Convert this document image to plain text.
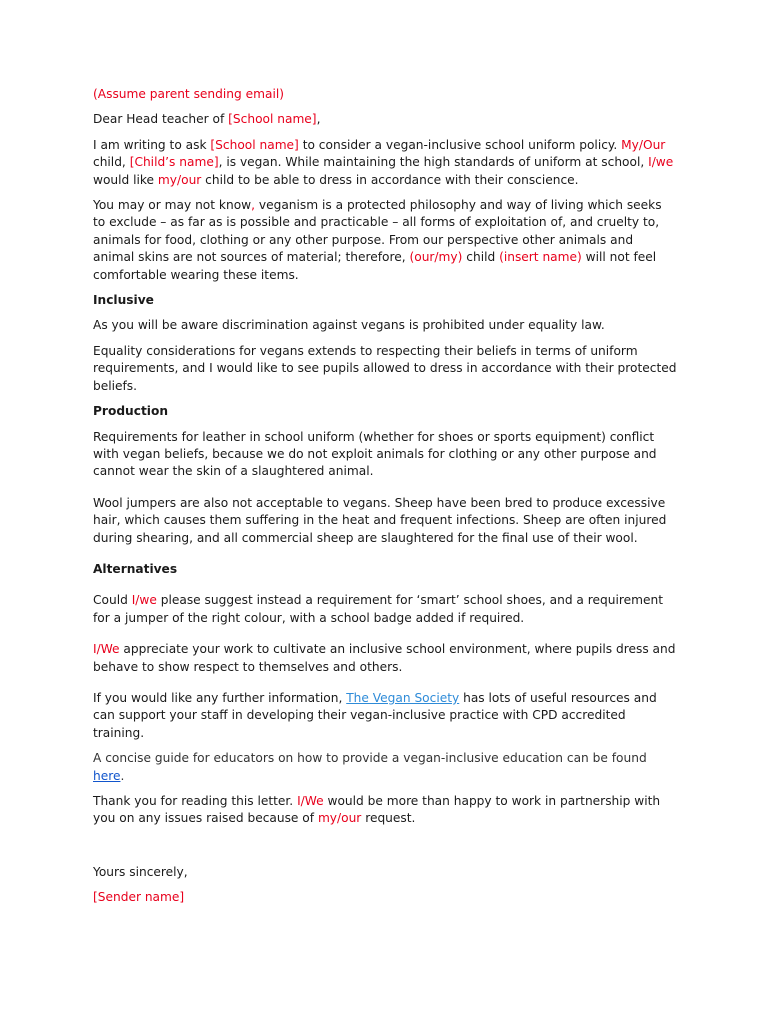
(Assume parent sending email)

Dear Head teacher of [School name],

I am writing to ask [School name] to consider a vegan-inclusive school uniform policy. My/Our child, [Child’s name], is vegan. While maintaining the high standards of uniform at school, I/we would like my/our child to be able to dress in accordance with their conscience.

You may or may not know, veganism is a protected philosophy and way of living which seeks to exclude – as far as is possible and practicable – all forms of exploitation of, and cruelty to, animals for food, clothing or any other purpose. From our perspective other animals and animal skins are not sources of material; therefore, (our/my) child (insert name) will not feel comfortable wearing these items.

Inclusive

As you will be aware discrimination against vegans is prohibited under equality law.

Equality considerations for vegans extends to respecting their beliefs in terms of uniform requirements, and I would like to see pupils allowed to dress in accordance with their protected beliefs.

Production

Requirements for leather in school uniform (whether for shoes or sports equipment) conflict with vegan beliefs, because we do not exploit animals for clothing or any other purpose and cannot wear the skin of a slaughtered animal.

Wool jumpers are also not acceptable to vegans. Sheep have been bred to produce excessive hair, which causes them suffering in the heat and frequent infections. Sheep are often injured during shearing, and all commercial sheep are slaughtered for the final use of their wool.

Alternatives

Could I/we please suggest instead a requirement for ‘smart’ school shoes, and a requirement for a jumper of the right colour, with a school badge added if required.

I/We appreciate your work to cultivate an inclusive school environment, where pupils dress and behave to show respect to themselves and others.

If you would like any further information, The Vegan Society has lots of useful resources and can support your staff in developing their vegan-inclusive practice with CPD accredited training.

A concise guide for educators on how to provide a vegan-inclusive education can be found here.

Thank you for reading this letter. I/We would be more than happy to work in partnership with you on any issues raised because of my/our request.

Yours sincerely,

[Sender name]
